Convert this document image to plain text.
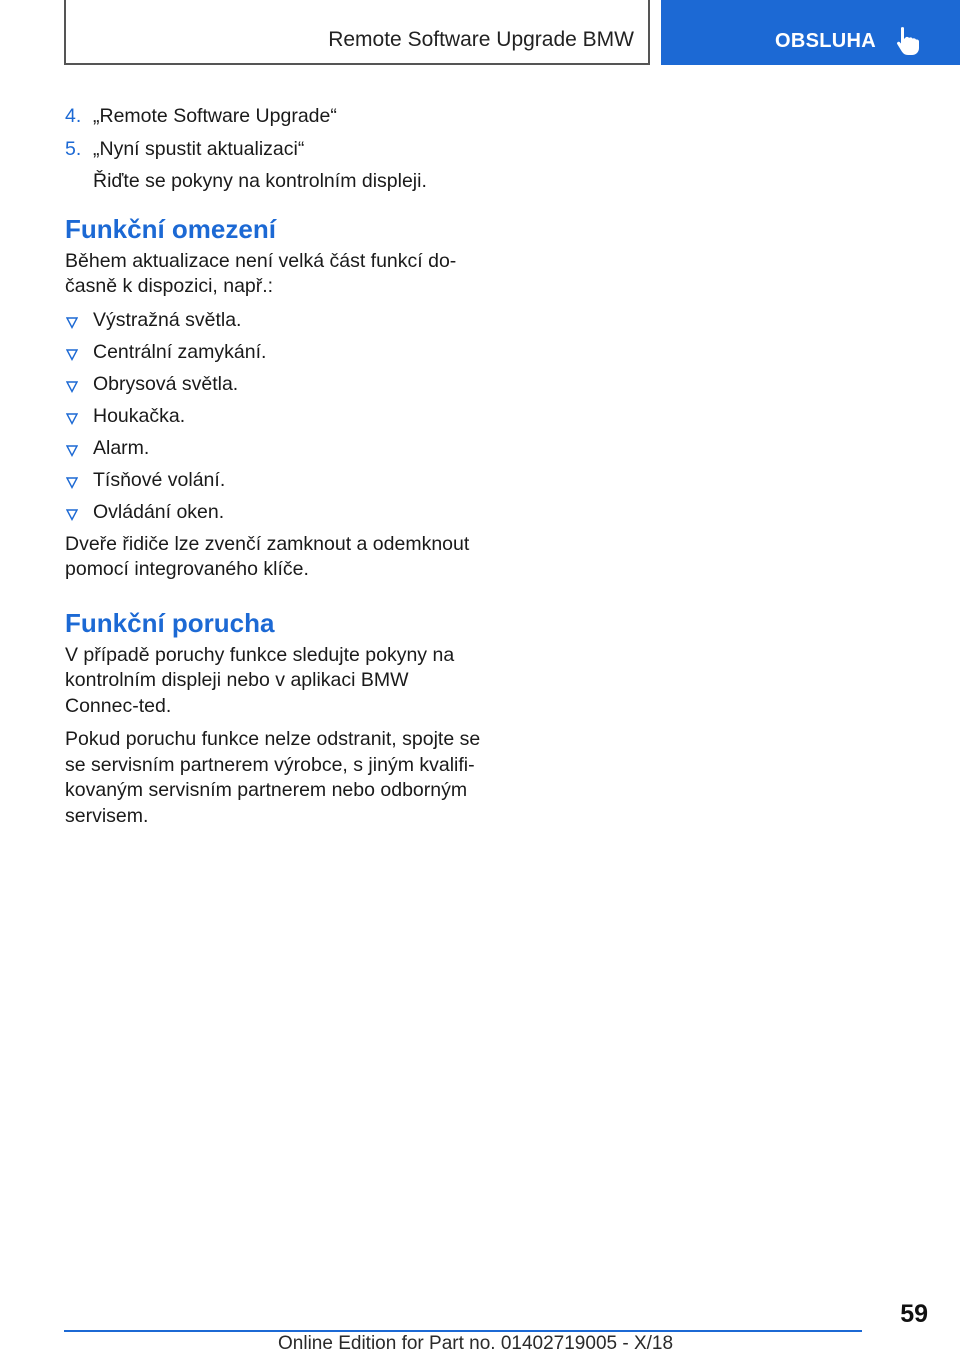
Remote Software Upgrade BMW	OBSLUHA
4. „Remote Software Upgrade“
5. „Nyní spustit aktualizaci“
Řiďte se pokyny na kontrolním displeji.
Funkční omezení

Během aktualizace není velká část funkcí do-časně k dispozici, např.:

Výstražná světla.
Centrální zamykání.
Obrysová světla.
Houkačka.
Alarm.
Tísňové volání.
Ovládání oken.

Dveře řidiče lze zvenčí zamknout a odemknout pomocí integrovaného klíče.

Funkční porucha

V případě poruchy funkce sledujte pokyny na kontrolním displeji nebo v aplikaci BMW Connec-ted.

Pokud poruchu funkce nelze odstranit, spojte se se servisním partnerem výrobce, s jiným kvalifi-kovaným servisním partnerem nebo odborným servisem.

59
Online Edition for Part no. 01402719005 - X/18
